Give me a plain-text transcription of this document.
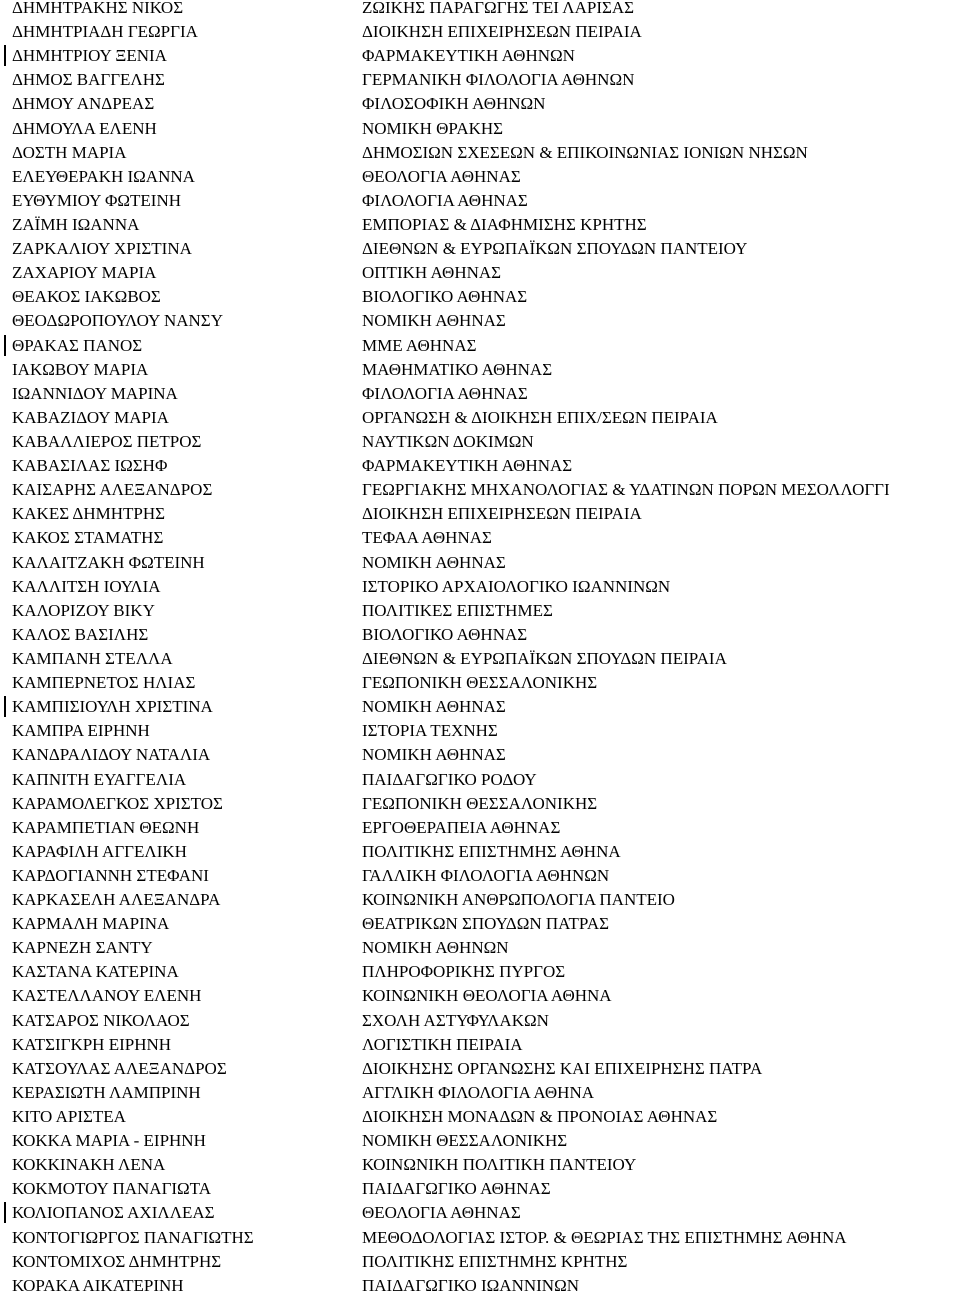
ΔΗΜΗΤΡΑΚΗΣ ΝΙΚΟΣ	ΖΩΙΚΗΣ ΠΑΡΑΓΩΓΗΣ ΤΕΙ ΛΑΡΙΣΑΣ
ΔΗΜΗΤΡΙΑΔΗ ΓΕΩΡΓΙΑ	ΔΙΟΙΚΗΣΗ ΕΠΙΧΕΙΡΗΣΕΩΝ ΠΕΙΡΑΙΑ
ΔΗΜΗΤΡΙΟΥ ΞΕΝΙΑ	ΦΑΡΜΑΚΕΥΤΙΚΗ ΑΘΗΝΩΝ
ΔΗΜΟΣ ΒΑΓΓΕΛΗΣ	ΓΕΡΜΑΝΙΚΗ ΦΙΛΟΛΟΓΙΑ ΑΘΗΝΩΝ
ΔΗΜΟΥ ΑΝΔΡΕΑΣ	ΦΙΛΟΣΟΦΙΚΗ ΑΘΗΝΩΝ
ΔΗΜΟΥΛΑ ΕΛΕΝΗ	ΝΟΜΙΚΗ ΘΡΑΚΗΣ
ΔΟΣΤΗ ΜΑΡΙΑ	ΔΗΜΟΣΙΩΝ ΣΧΕΣΕΩΝ & ΕΠΙΚΟΙΝΩΝΙΑΣ ΙΟΝΙΩΝ ΝΗΣΩΝ
ΕΛΕΥΘΕΡΑΚΗ ΙΩΑΝΝΑ	ΘΕΟΛΟΓΙΑ ΑΘΗΝΑΣ
ΕΥΘΥΜΙΟΥ ΦΩΤΕΙΝΗ	ΦΙΛΟΛΟΓΙΑ ΑΘΗΝΑΣ
ΖΑΪΜΗ ΙΩΑΝΝΑ	ΕΜΠΟΡΙΑΣ & ΔΙΑΦΗΜΙΣΗΣ ΚΡΗΤΗΣ
ΖΑΡΚΑΛΙΟΥ ΧΡΙΣΤΙΝΑ	ΔΙΕΘΝΩΝ & ΕΥΡΩΠΑΪΚΩΝ ΣΠΟΥΔΩΝ ΠΑΝΤΕΙΟΥ
ΖΑΧΑΡΙΟΥ ΜΑΡΙΑ	ΟΠΤΙΚΗ ΑΘΗΝΑΣ
ΘΕΑΚΟΣ ΙΑΚΩΒΟΣ	ΒΙΟΛΟΓΙΚΟ ΑΘΗΝΑΣ
ΘΕΟΔΩΡΟΠΟΥΛΟΥ ΝΑΝΣΥ	ΝΟΜΙΚΗ ΑΘΗΝΑΣ
ΘΡΑΚΑΣ ΠΑΝΟΣ	ΜΜΕ ΑΘΗΝΑΣ
ΙΑΚΩΒΟΥ ΜΑΡΙΑ	ΜΑΘΗΜΑΤΙΚΟ ΑΘΗΝΑΣ
ΙΩΑΝΝΙΔΟΥ ΜΑΡΙΝΑ	ΦΙΛΟΛΟΓΙΑ ΑΘΗΝΑΣ
ΚΑΒΑΖΙΔΟΥ ΜΑΡΙΑ	ΟΡΓΑΝΩΣΗ & ΔΙΟΙΚΗΣΗ ΕΠΙΧ/ΣΕΩΝ ΠΕΙΡΑΙΑ
ΚΑΒΑΛΛΙΕΡΟΣ ΠΕΤΡΟΣ	ΝΑΥΤΙΚΩΝ ΔΟΚΙΜΩΝ
ΚΑΒΑΣΙΛΑΣ ΙΩΣΗΦ	ΦΑΡΜΑΚΕΥΤΙΚΗ ΑΘΗΝΑΣ
ΚΑΙΣΑΡΗΣ ΑΛΕΞΑΝΔΡΟΣ	ΓΕΩΡΓΙΑΚΗΣ ΜΗΧΑΝΟΛΟΓΙΑΣ & ΥΔΑΤΙΝΩΝ ΠΟΡΩΝ ΜΕΣΟΛΛΟΓΓΙ
ΚΑΚΕΣ ΔΗΜΗΤΡΗΣ	ΔΙΟΙΚΗΣΗ ΕΠΙΧΕΙΡΗΣΕΩΝ ΠΕΙΡΑΙΑ
ΚΑΚΟΣ ΣΤΑΜΑΤΗΣ	ΤΕΦΑΑ ΑΘΗΝΑΣ
ΚΑΛΑΙΤΖΑΚΗ ΦΩΤΕΙΝΗ	ΝΟΜΙΚΗ ΑΘΗΝΑΣ
ΚΑΛΛΙΤΣΗ ΙΟΥΛΙΑ	ΙΣΤΟΡΙΚΟ ΑΡΧΑΙΟΛΟΓΙΚΟ ΙΩΑΝΝΙΝΩΝ
ΚΑΛΟΡΙΖΟΥ ΒΙΚΥ	ΠΟΛΙΤΙΚΕΣ ΕΠΙΣΤΗΜΕΣ
ΚΑΛΟΣ ΒΑΣΙΛΗΣ	ΒΙΟΛΟΓΙΚΟ ΑΘΗΝΑΣ
ΚΑΜΠΑΝΗ ΣΤΕΛΛΑ	ΔΙΕΘΝΩΝ & ΕΥΡΩΠΑΪΚΩΝ ΣΠΟΥΔΩΝ ΠΕΙΡΑΙΑ
ΚΑΜΠΕΡΝΕΤΟΣ ΗΛΙΑΣ	ΓΕΩΠΟΝΙΚΗ ΘΕΣΣΑΛΟΝΙΚΗΣ
ΚΑΜΠΙΣΙΟΥΛΗ ΧΡΙΣΤΙΝΑ	ΝΟΜΙΚΗ ΑΘΗΝΑΣ
ΚΑΜΠΡΑ ΕΙΡΗΝΗ	ΙΣΤΟΡΙΑ ΤΕΧΝΗΣ
ΚΑΝΔΡΑΛΙΔΟΥ ΝΑΤΑΛΙΑ	ΝΟΜΙΚΗ ΑΘΗΝΑΣ
ΚΑΠΝΙΤΗ ΕΥΑΓΓΕΛΙΑ	ΠΑΙΔΑΓΩΓΙΚΟ ΡΟΔΟΥ
ΚΑΡΑΜΟΛΕΓΚΟΣ ΧΡΙΣΤΟΣ	ΓΕΩΠΟΝΙΚΗ ΘΕΣΣΑΛΟΝΙΚΗΣ
ΚΑΡΑΜΠΕΤΙΑΝ ΘΕΩΝΗ	ΕΡΓΟΘΕΡΑΠΕΙΑ ΑΘΗΝΑΣ
ΚΑΡΑΦΙΛΗ ΑΓΓΕΛΙΚΗ	ΠΟΛΙΤΙΚΗΣ ΕΠΙΣΤΗΜΗΣ ΑΘΗΝΑ
ΚΑΡΔΟΓΙΑΝΝΗ ΣΤΕΦΑΝΙ	ΓΑΛΛΙΚΗ ΦΙΛΟΛΟΓΙΑ ΑΘΗΝΩΝ
ΚΑΡΚΑΣΕΛΗ ΑΛΕΞΑΝΔΡΑ	ΚΟΙΝΩΝΙΚΗ ΑΝΘΡΩΠΟΛΟΓΙΑ ΠΑΝΤΕΙΟ
ΚΑΡΜΑΛΗ ΜΑΡΙΝΑ	ΘΕΑΤΡΙΚΩΝ ΣΠΟΥΔΩΝ ΠΑΤΡΑΣ
ΚΑΡΝΕΖΗ ΣΑΝΤΥ	ΝΟΜΙΚΗ ΑΘΗΝΩΝ
ΚΑΣΤΑΝΑ ΚΑΤΕΡΙΝΑ	ΠΛΗΡΟΦΟΡΙΚΗΣ ΠΥΡΓΟΣ
ΚΑΣΤΕΛΛΑΝΟΥ ΕΛΕΝΗ	ΚΟΙΝΩΝΙΚΗ ΘΕΟΛΟΓΙΑ ΑΘΗΝΑ
ΚΑΤΣΑΡΟΣ ΝΙΚΟΛΑΟΣ	ΣΧΟΛΗ ΑΣΤΥΦΥΛΑΚΩΝ
ΚΑΤΣΙΓΚΡΗ ΕΙΡΗΝΗ	ΛΟΓΙΣΤΙΚΗ ΠΕΙΡΑΙΑ
ΚΑΤΣΟΥΛΑΣ ΑΛΕΞΑΝΔΡΟΣ	ΔΙΟΙΚΗΣΗΣ ΟΡΓΑΝΩΣΗΣ ΚΑΙ ΕΠΙΧΕΙΡΗΣΗΣ ΠΑΤΡΑ
ΚΕΡΑΣΙΩΤΗ ΛΑΜΠΡΙΝΗ	ΑΓΓΛΙΚΗ ΦΙΛΟΛΟΓΙΑ ΑΘΗΝΑ
ΚΙΤΟ ΑΡΙΣΤΕΑ	ΔΙΟΙΚΗΣΗ ΜΟΝΑΔΩΝ & ΠΡΟΝΟΙΑΣ ΑΘΗΝΑΣ
ΚΟΚΚΑ ΜΑΡΙΑ - ΕΙΡΗΝΗ	ΝΟΜΙΚΗ ΘΕΣΣΑΛΟΝΙΚΗΣ
ΚΟΚΚΙΝΑΚΗ ΛΕΝΑ	ΚΟΙΝΩΝΙΚΗ ΠΟΛΙΤΙΚΗ ΠΑΝΤΕΙΟΥ
ΚΟΚΜΟΤΟΥ ΠΑΝΑΓΙΩΤΑ	ΠΑΙΔΑΓΩΓΙΚΟ ΑΘΗΝΑΣ
ΚΟΛΙΟΠΑΝΟΣ ΑΧΙΛΛΕΑΣ	ΘΕΟΛΟΓΙΑ ΑΘΗΝΑΣ
ΚΟΝΤΟΓΙΩΡΓΟΣ ΠΑΝΑΓΙΩΤΗΣ	ΜΕΘΟΔΟΛΟΓΙΑΣ ΙΣΤΟΡ. & ΘΕΩΡΙΑΣ ΤΗΣ ΕΠΙΣΤΗΜΗΣ ΑΘΗΝΑ
ΚΟΝΤΟΜΙΧΟΣ ΔΗΜΗΤΡΗΣ	ΠΟΛΙΤΙΚΗΣ ΕΠΙΣΤΗΜΗΣ ΚΡΗΤΗΣ
ΚΟΡΑΚΑ ΑΙΚΑΤΕΡΙΝΗ	ΠΑΙΔΑΓΩΓΙΚΟ ΙΩΑΝΝΙΝΩΝ
